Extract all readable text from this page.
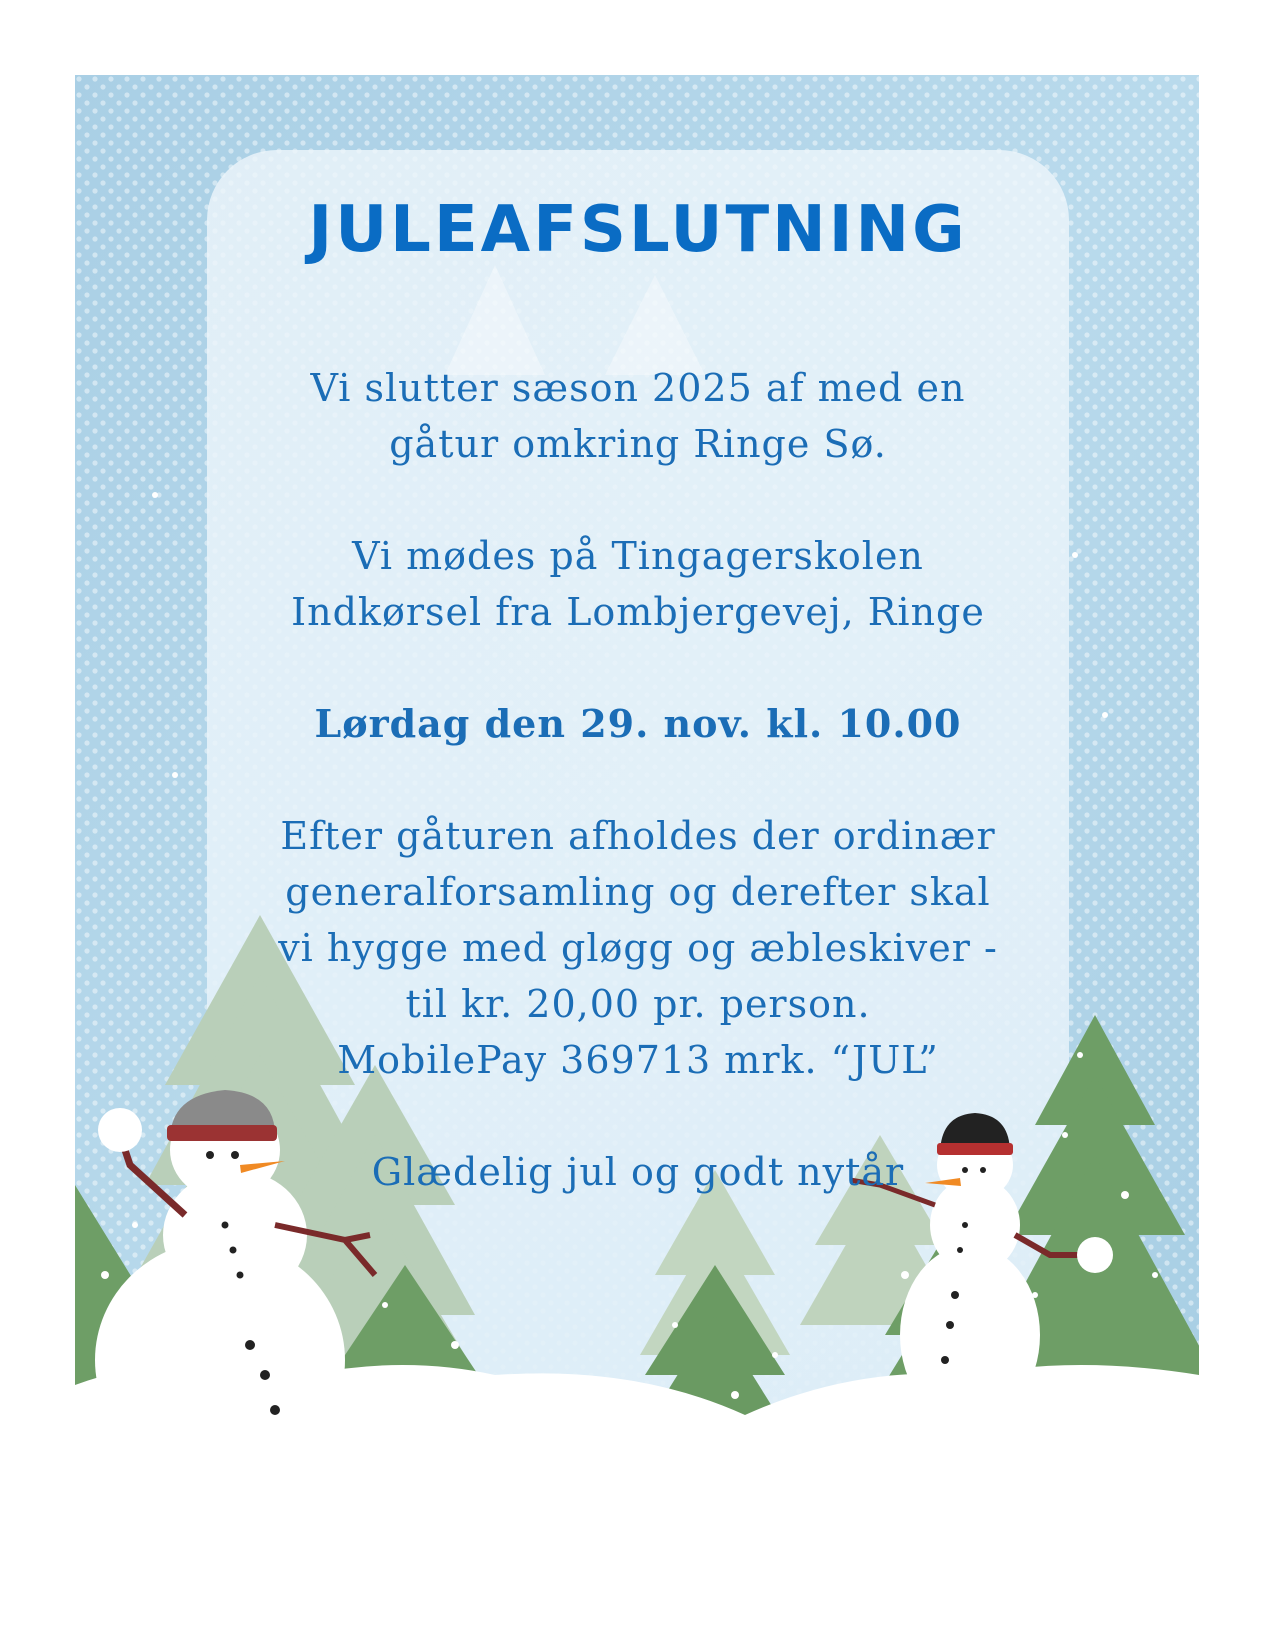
JULEAFSLUTNING

Vi slutter sæson 2025 af med en

gåtur omkring Ringe Sø.

Vi mødes på Tingagerskolen

Indkørsel fra Lombjergevej, Ringe

Lørdag den 29. nov. kl. 10.00

Efter gåturen afholdes der ordinær

generalforsamling og derefter skal

vi hygge med gløgg og æbleskiver -

til kr. 20,00 pr. person.

MobilePay 369713 mrk. “JUL”

Glædelig jul og godt nytår
